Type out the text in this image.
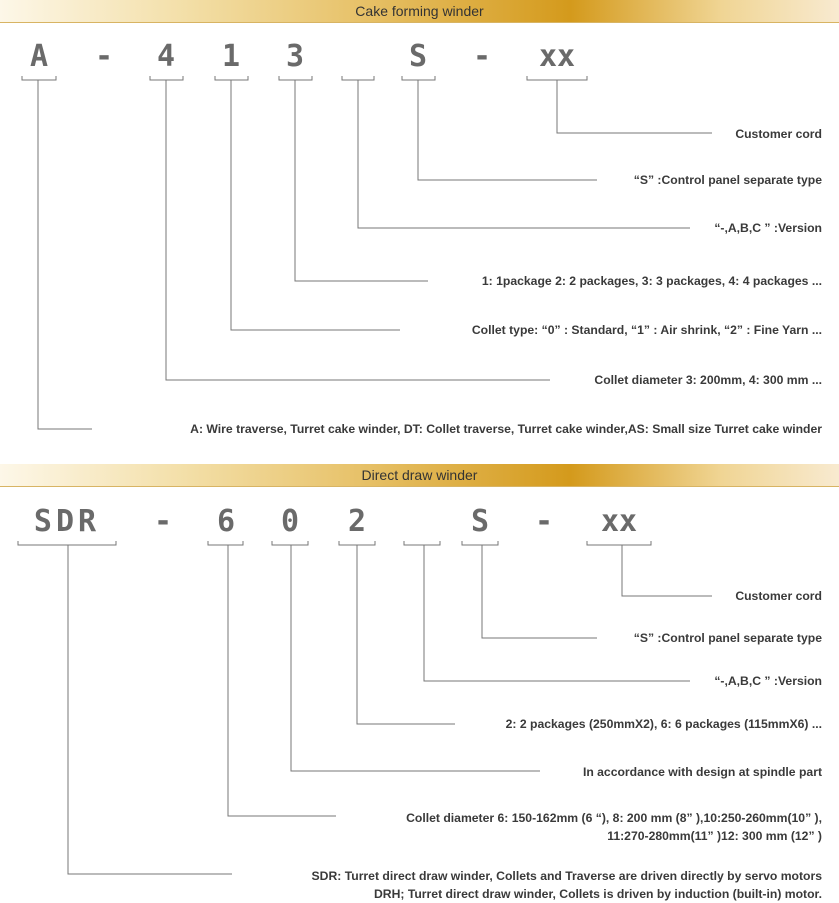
Cake forming winder
A - 4 1 3	S -	xx
Customer cord
“S” :Control panel separate type
“-,A,B,C ” :Version
1: 1package 2: 2 packages, 3: 3 packages, 4: 4 packages ...
Collet type: “0” : Standard, “1” : Air shrink, “2” : Fine Yarn ...
Collet diameter 3: 200mm, 4: 300 mm ...
A: Wire traverse, Turret cake winder, DT: Collet traverse, Turret cake winder,AS: Small size Turret cake winder
Direct draw winder
SDR	- 6 0 2	S -	xx
Customer cord
“S” :Control panel separate type
“-,A,B,C ” :Version
2: 2 packages (250mmX2), 6: 6 packages (115mmX6) ...
In accordance with design at spindle part
Collet diameter 6: 150-162mm (6 “), 8: 200 mm (8” ),10:250-260mm(10” ),
11:270-280mm(11” )12: 300 mm (12” )
SDR: Turret direct draw winder, Collets and Traverse are driven directly by servo motors
DRH; Turret direct draw winder, Collets is driven by induction (built-in) motor.
